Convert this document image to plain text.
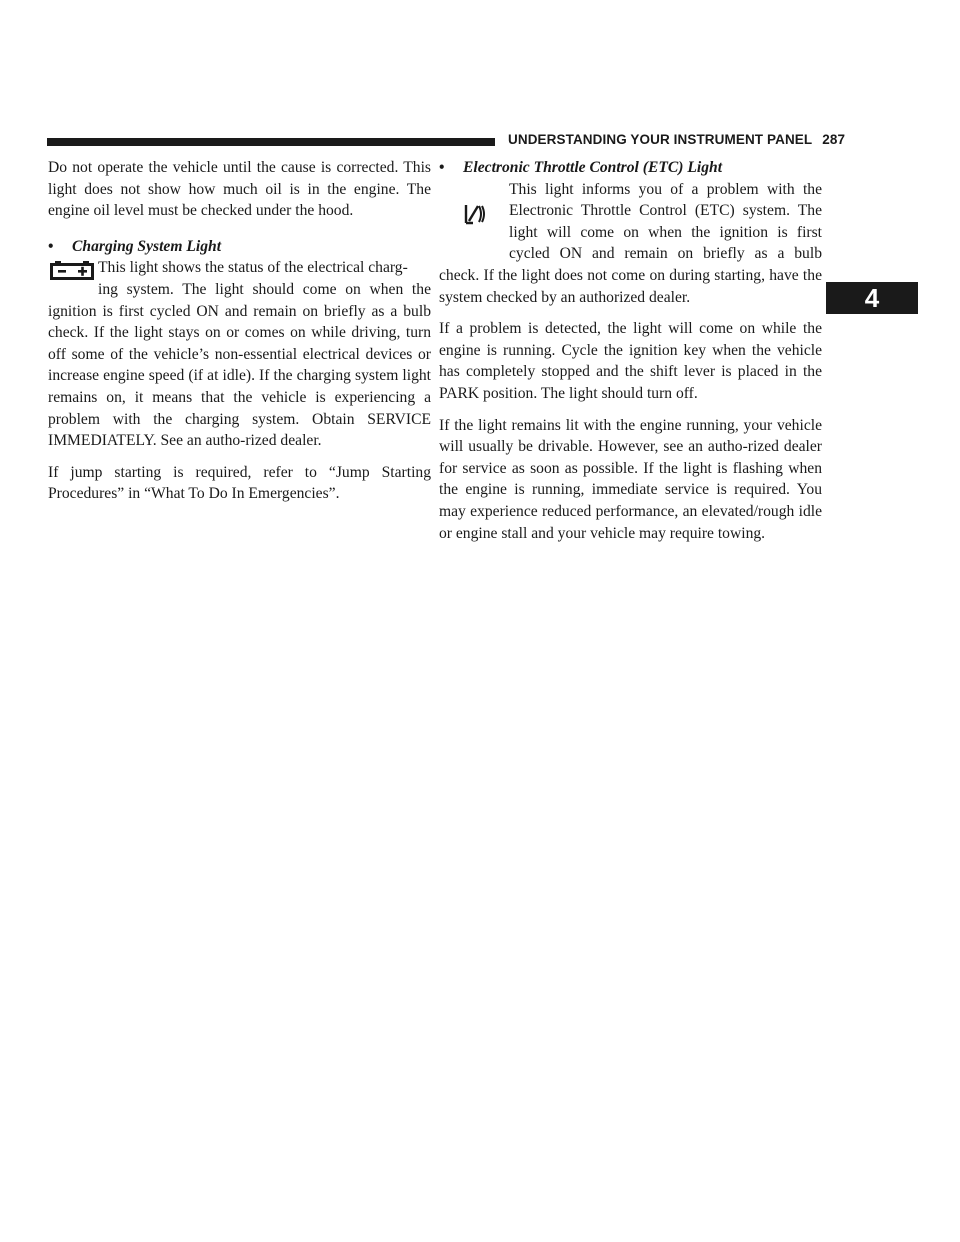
UNDERSTANDING YOUR INSTRUMENT PANEL 287
4

Do not operate the vehicle until the cause is corrected. This light does not show how much oil is in the engine. The engine oil level must be checked under the hood.

• Charging System Light

This light shows the status of the electrical charg-

ing system. The light should come on when the

ignition is first cycled ON and remain on briefly as a bulb check. If the light stays on or comes on while driving, turn off some of the vehicle’s non-essential electrical devices or increase engine speed (if at idle). If the charging system light remains on, it means that the vehicle is experiencing a problem with the charging system. Obtain SERVICE IMMEDIATELY. See an autho-rized dealer.

If jump starting is required, refer to “Jump Starting Procedures” in “What To Do In Emergencies”.

• Electronic Throttle Control (ETC) Light

This light informs you of a problem with the

Electronic Throttle Control (ETC) system. The

light will come on when the ignition is first

cycled ON and remain on briefly as a bulb

check. If the light does not come on during starting, have the system checked by an authorized dealer.

If a problem is detected, the light will come on while the engine is running. Cycle the ignition key when the vehicle has completely stopped and the shift lever is placed in the PARK position. The light should turn off.

If the light remains lit with the engine running, your vehicle will usually be drivable. However, see an autho-rized dealer for service as soon as possible. If the light is flashing when the engine is running, immediate service is required. You may experience reduced performance, an elevated/rough idle or engine stall and your vehicle may require towing.
